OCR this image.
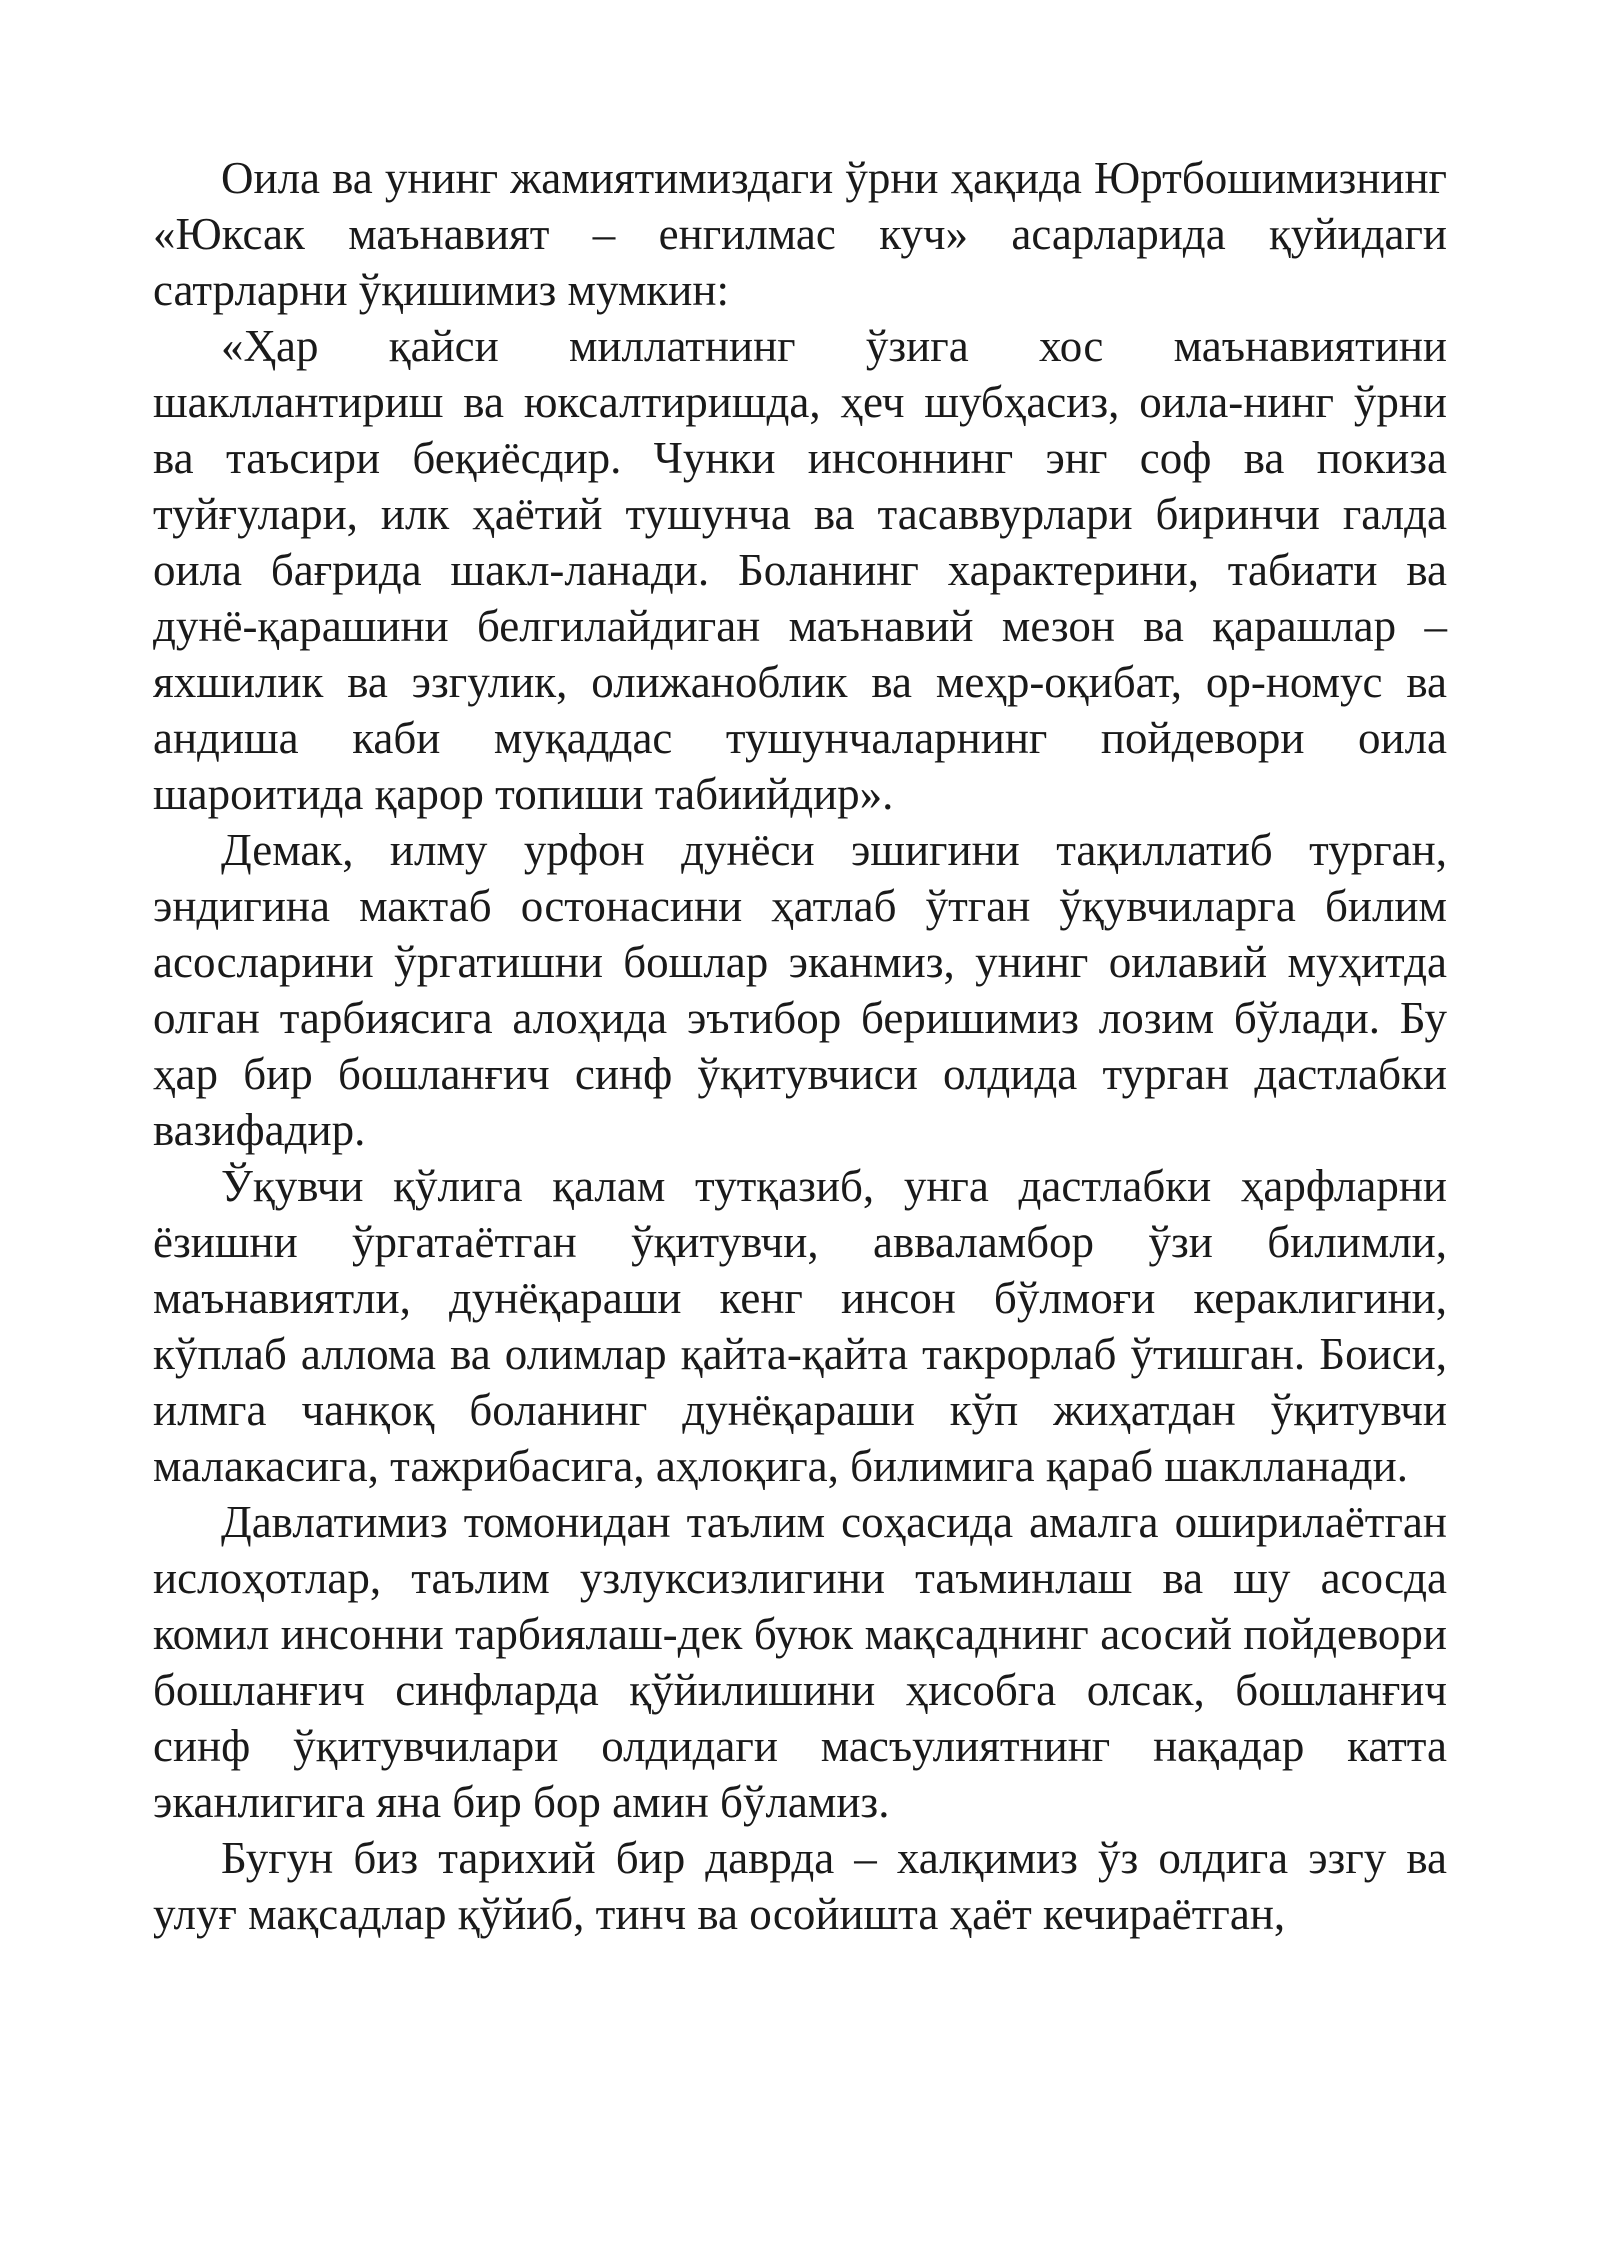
Оила ва унинг жамиятимиздаги ўрни ҳақида Юртбошимизнинг «Юксак маънавият – енгилмас куч» асарларида қуйидаги сатрларни ўқишимиз мумкин:

«Ҳар қайси миллатнинг ўзига хос маънавиятини шакллантириш ва юксалтиришда, ҳеч шубҳасиз, оила-нинг ўрни ва таъсири беқиёсдир. Чунки инсоннинг энг соф ва покиза туйғулари, илк ҳаётий тушунча ва тасаввурлари биринчи галда оила бағрида шакл-ланади. Боланинг характерини, табиати ва дунё-қарашини белгилайдиган маънавий мезон ва қарашлар – яхшилик ва эзгулик, олижаноблик ва меҳр-оқибат, ор-номус ва андиша каби муқаддас тушунчаларнинг пойдевори оила шароитида қарор топиши табиийдир».

Демак, илму урфон дунёси эшигини тақиллатиб турган, эндигина мактаб остонасини ҳатлаб ўтган ўқувчиларга билим асосларини ўргатишни бошлар эканмиз, унинг оилавий муҳитда олган тарбиясига алоҳида эътибор беришимиз лозим бўлади. Бу ҳар бир бошланғич синф ўқитувчиси олдида турган дастлабки вазифадир.

Ўқувчи қўлига қалам тутқазиб, унга дастлабки ҳарфларни ёзишни ўргатаётган ўқитувчи, авваламбор ўзи билимли, маънавиятли, дунёқараши кенг инсон бўлмоғи кераклигини, кўплаб аллома ва олимлар қайта-қайта такрорлаб ўтишган. Боиси, илмга чанқоқ боланинг дунёқараши кўп жиҳатдан ўқитувчи малакасига, тажрибасига, аҳлоқига, билимига қараб шаклланади.

Давлатимиз томонидан таълим соҳасида амалга оширилаётган ислоҳотлар, таълим узлуксизлигини таъминлаш ва шу асосда комил инсонни тарбиялаш-дек буюк мақсаднинг асосий пойдевори бошланғич синфларда қўйилишини ҳисобга олсак, бошланғич синф ўқитувчилари олдидаги масъулиятнинг нақадар катта эканлигига яна бир бор амин бўламиз.

Бугун биз тарихий бир даврда – халқимиз ўз олдига эзгу ва улуғ мақсадлар қўйиб, тинч ва осойишта ҳаёт кечираётган,
